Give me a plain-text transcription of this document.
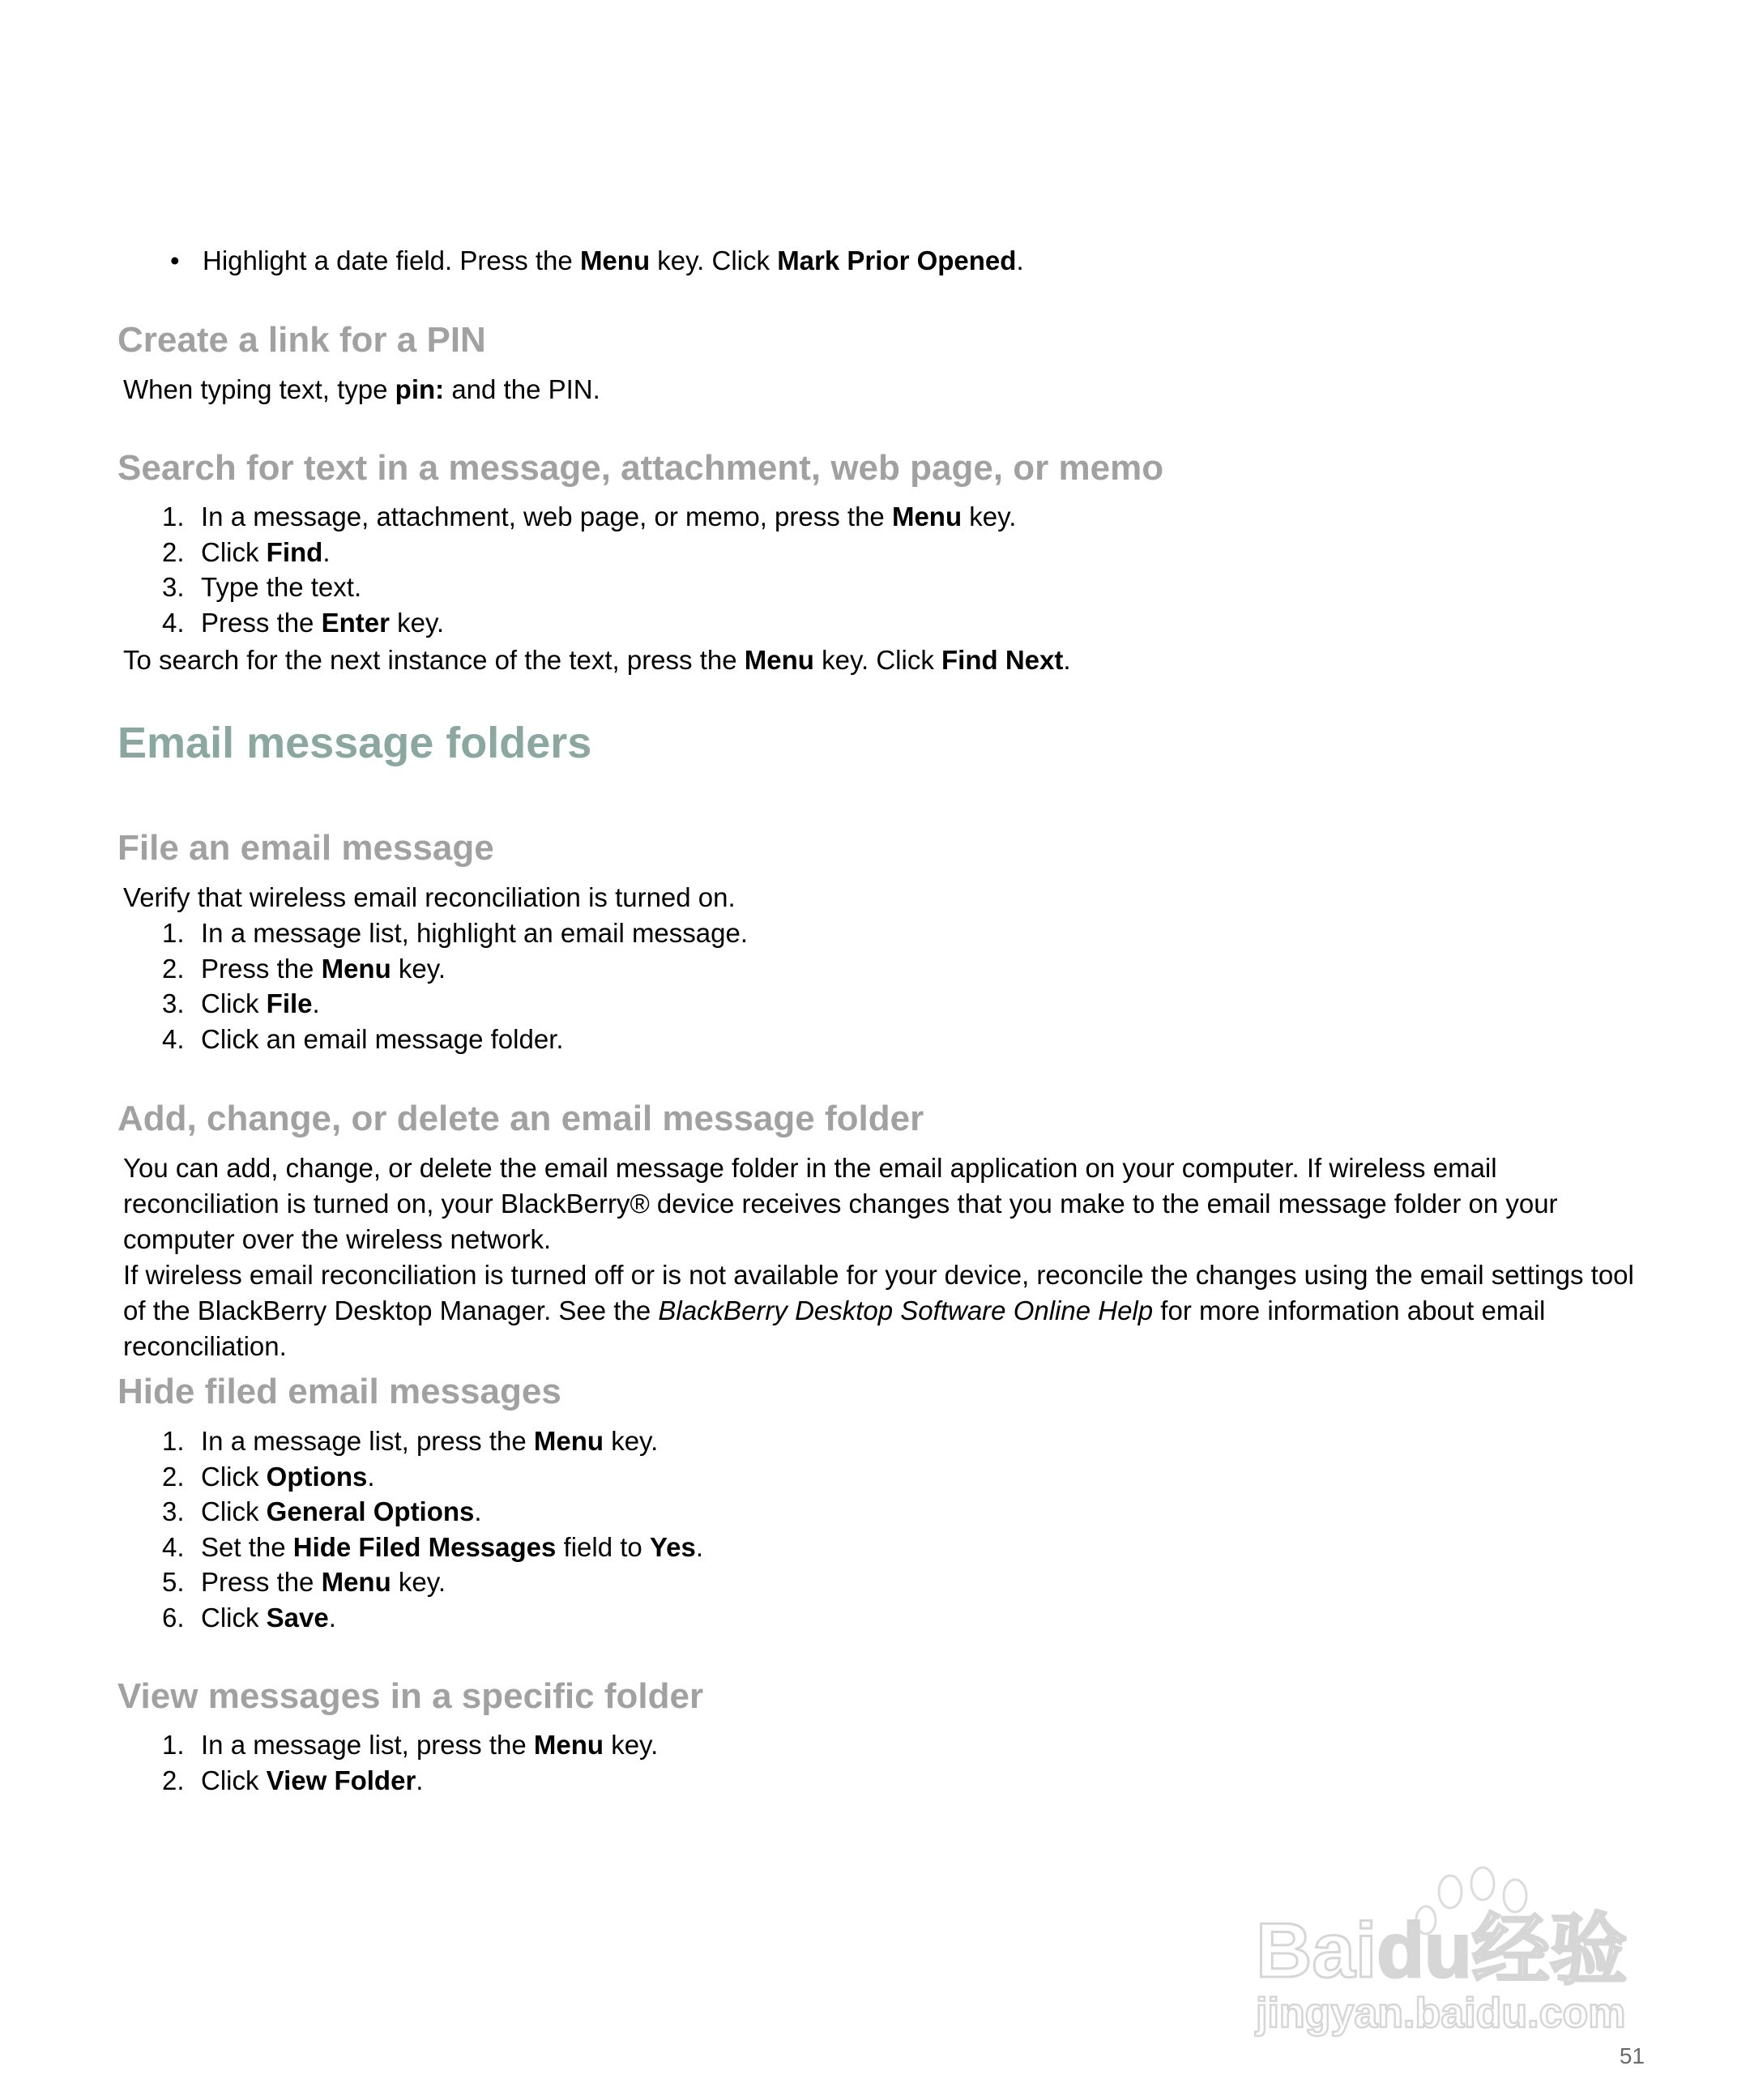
• Highlight a date field. Press the Menu key. Click Mark Prior Opened.
Create a link for a PIN

When typing text, type pin: and the PIN.

Search for text in a message, attachment, web page, or memo
1. In a message, attachment, web page, or memo, press the Menu key.
2. Click Find.
3. Type the text.
4. Press the Enter key.

To search for the next instance of the text, press the Menu key. Click Find Next.

Email message folders
File an email message

Verify that wireless email reconciliation is turned on.

1. In a message list, highlight an email message.
2. Press the Menu key.
3. Click File.
4. Click an email message folder.
Add, change, or delete an email message folder

You can add, change, or delete the email message folder in the email application on your computer. If wireless email reconciliation is turned on, your BlackBerry® device receives changes that you make to the email message folder on your computer over the wireless network.

If wireless email reconciliation is turned off or is not available for your device, reconcile the changes using the email settings tool of the BlackBerry Desktop Manager. See the BlackBerry Desktop Software Online Help for more information about email reconciliation.

Hide filed email messages
1. In a message list, press the Menu key.
2. Click Options.
3. Click General Options.
4. Set the Hide Filed Messages field to Yes.
5. Press the Menu key.
6. Click Save.
View messages in a specific folder
1. In a message list, press the Menu key.
2. Click View Folder.
Baidu经验
jingyan.baidu.com
51
